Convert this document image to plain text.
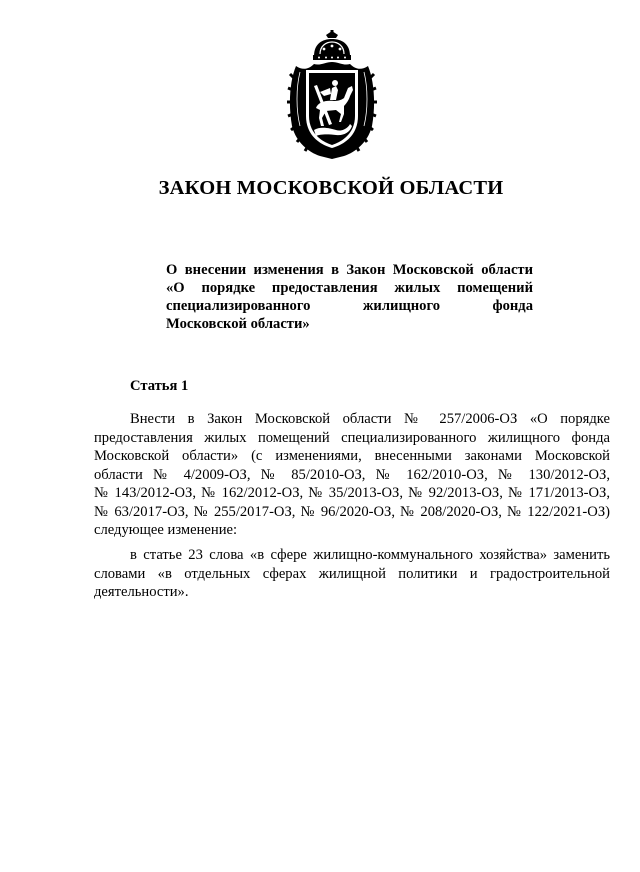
ЗАКОН МОСКОВСКОЙ ОБЛАСТИ
О внесении изменения в Закон Московской области
«О порядке предоставления жилых помещений
специализированного жилищного фонда
Московской области»
Статья 1
Внести в Закон Московской области № 257/2006-ОЗ «О порядке
предоставления жилых помещений специализированного жилищного фонда
Московской области» (с изменениями, внесенными законами Московской
области № 4/2009-ОЗ, № 85/2010-ОЗ, № 162/2010-ОЗ, № 130/2012-ОЗ,
№ 143/2012-ОЗ, № 162/2012-ОЗ, № 35/2013-ОЗ, № 92/2013-ОЗ, № 171/2013-ОЗ,
№ 63/2017-ОЗ, № 255/2017-ОЗ, № 96/2020-ОЗ, № 208/2020-ОЗ, № 122/2021-ОЗ)
следующее изменение:
в статье 23 слова «в сфере жилищно-коммунального хозяйства» заменить
словами «в отдельных сферах жилищной политики и градостроительной
деятельности».
